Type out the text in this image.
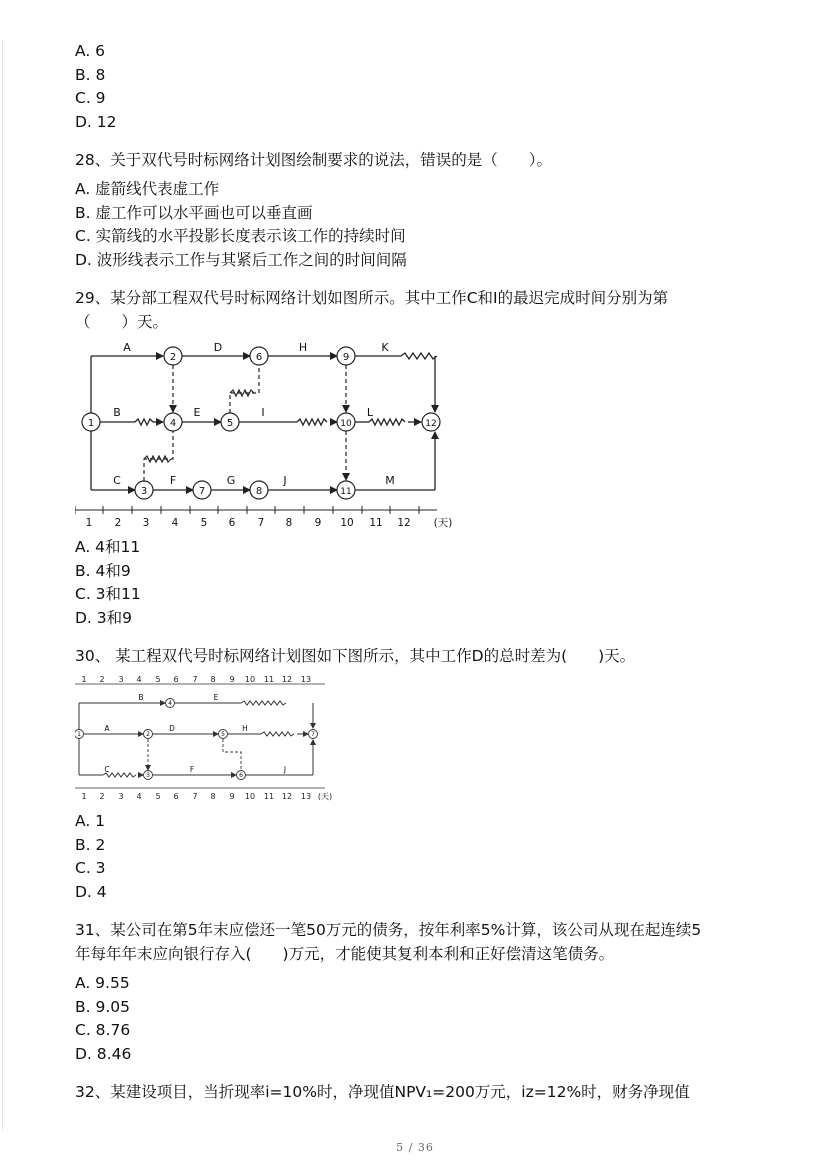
A. 6

B. 8

C. 9

D. 12

28、关于双代号时标网络计划图绘制要求的说法，错误的是（　　）。

A. 虚箭线代表虚工作

B. 虚工作可以水平画也可以垂直画

C. 实箭线的水平投影长度表示该工作的持续时间

D. 波形线表示工作与其紧后工作之间的时间间隔

29、某分部工程双代号时标网络计划如图所示。其中工作C和I的最迟完成时间分别为第

（　　）天。

1
2
3
4	5
6
7	8
9
10
11
12
A
B
C
D
E
F	G
H
I
J
K
L
M
1 2 3 4 5 6 7 8 9 10 11 12 (天)

A. 4和11

B. 4和9

C. 3和11

D. 3和9

30、 某工程双代号时标网络计划图如下图所示，其中工作D的总时差为(　　)天。

1 2 3 4 5 6 7 8 9 10 11 12 13
1	2
3
4
5
6
7
A
B
C
D
E
F
H
J
1 2 3 4 5 6 7 8 9 10 11 12 13 (天)

A. 1

B. 2

C. 3

D. 4

31、某公司在第5年末应偿还一笔50万元的债务，按年利率5%计算，该公司从现在起连续5

年每年年末应向银行存入(　　)万元，才能使其复利本利和正好偿清这笔债务。

A. 9.55

B. 9.05

C. 8.76

D. 8.46

32、某建设项目，当折现率i=10%时，净现值NPV₁=200万元，iz=12%时，财务净现值

5 / 36
